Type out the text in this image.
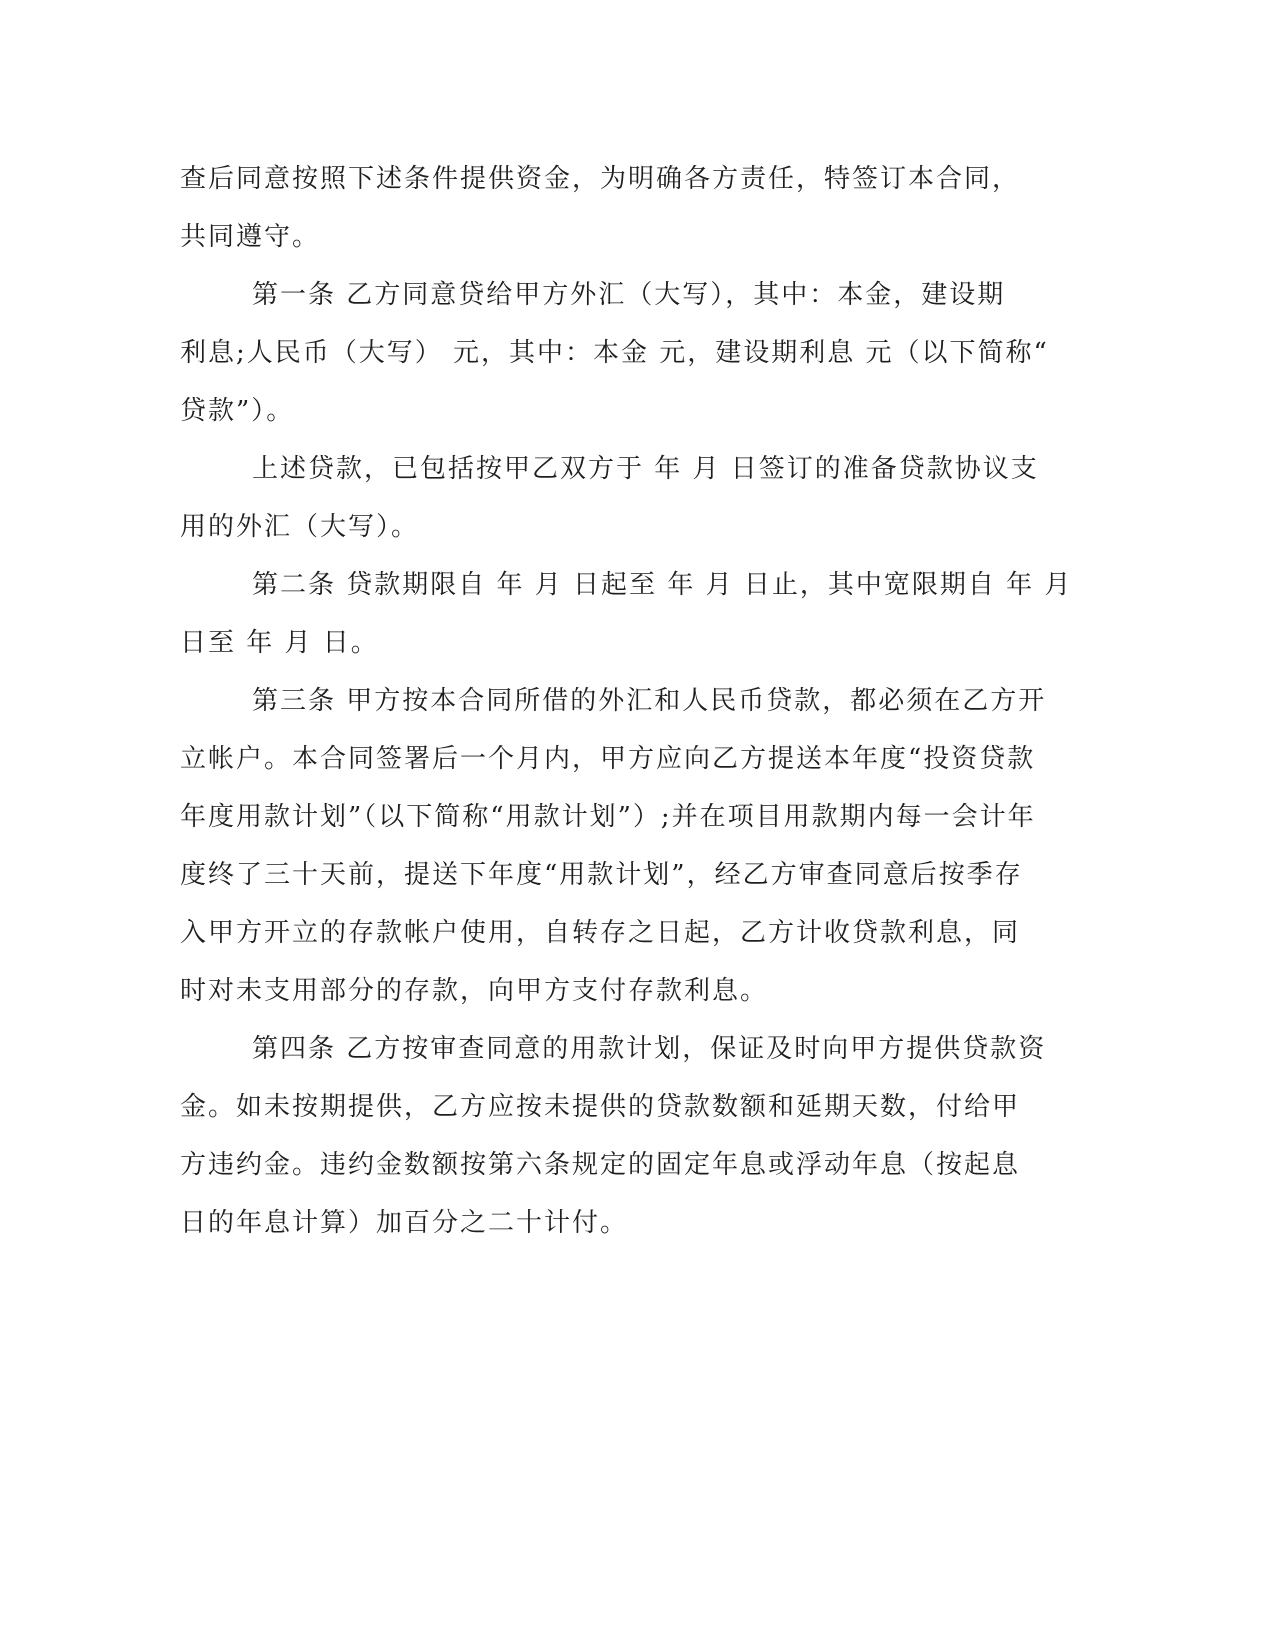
查后同意按照下述条件提供资金，为明确各方责任，特签订本合同，
共同遵守。
第一条 乙方同意贷给甲方外汇（大写），其中：本金，建设期
利息;人民币（大写） 元，其中：本金 元，建设期利息 元（以下简称“
贷款”）。
上述贷款，已包括按甲乙双方于 年 月 日签订的准备贷款协议支
用的外汇（大写）。
第二条 贷款期限自 年 月 日起至 年 月 日止，其中宽限期自 年 月
日至 年 月 日。
第三条 甲方按本合同所借的外汇和人民币贷款，都必须在乙方开
立帐户。本合同签署后一个月内，甲方应向乙方提送本年度“投资贷款
年度用款计划”（以下简称“用款计划”）;并在项目用款期内每一会计年
度终了三十天前，提送下年度“用款计划”，经乙方审查同意后按季存
入甲方开立的存款帐户使用，自转存之日起，乙方计收贷款利息，同
时对未支用部分的存款，向甲方支付存款利息。
第四条 乙方按审查同意的用款计划，保证及时向甲方提供贷款资
金。如未按期提供，乙方应按未提供的贷款数额和延期天数，付给甲
方违约金。违约金数额按第六条规定的固定年息或浮动年息（按起息
日的年息计算）加百分之二十计付。
